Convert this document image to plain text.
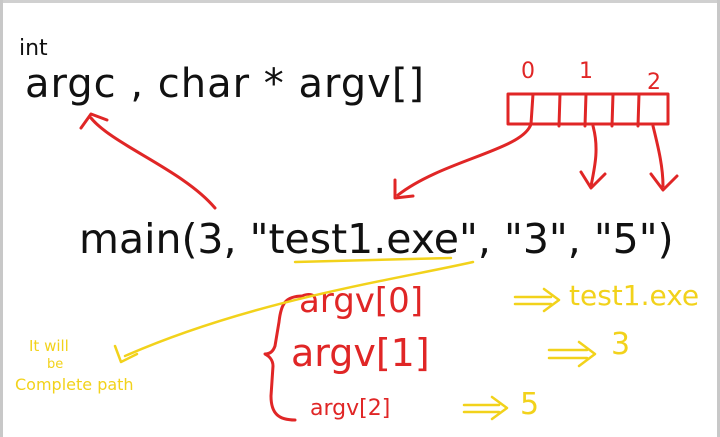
int
argc , char * argv[]
main(3, "test1.exe", "3", "5")
0 1 2
argv[0]
argv[1]
argv[2]
test1.exe
3
5
It will
be
Complete path
